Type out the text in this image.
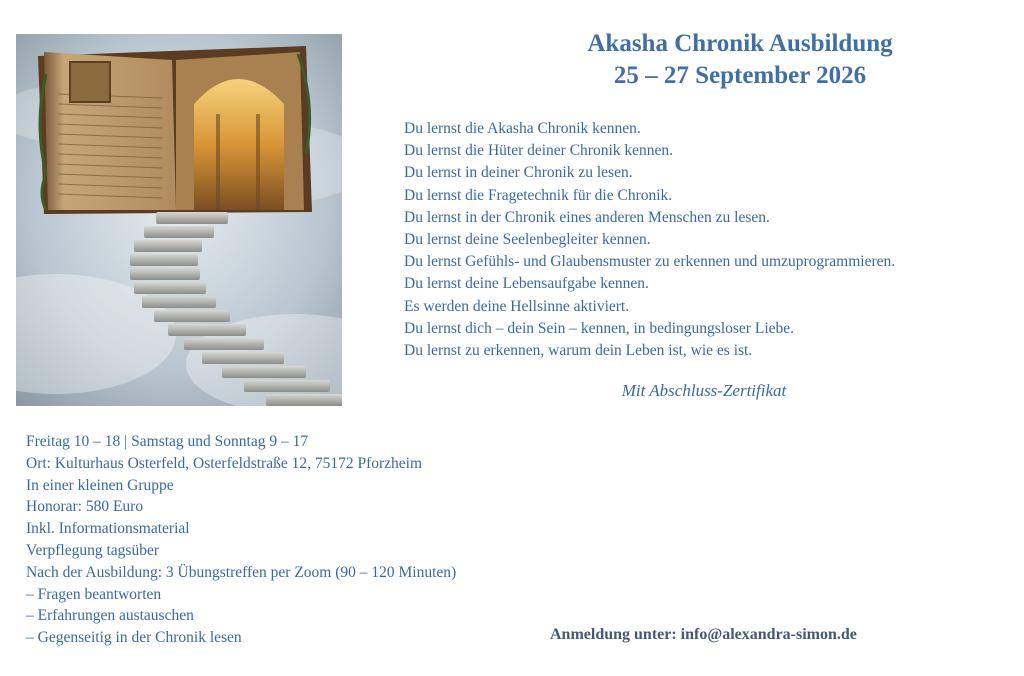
Akasha Chronik Ausbildung
25 – 27 September 2026
Du lernst die Akasha Chronik kennen.
Du lernst die Hüter deiner Chronik kennen.
Du lernst in deiner Chronik zu lesen.
Du lernst die Fragetechnik für die Chronik.
Du lernst in der Chronik eines anderen Menschen zu lesen.
Du lernst deine Seelenbegleiter kennen.
Du lernst Gefühls- und Glaubensmuster zu erkennen und umzuprogrammieren.
Du lernst deine Lebensaufgabe kennen.
Es werden deine Hellsinne aktiviert.
Du lernst dich – dein Sein – kennen, in bedingungsloser Liebe.
Du lernst zu erkennen, warum dein Leben ist, wie es ist.
Mit Abschluss-Zertifikat
Freitag 10 – 18 | Samstag und Sonntag 9 – 17
Ort: Kulturhaus Osterfeld, Osterfeldstraße 12, 75172 Pforzheim
In einer kleinen Gruppe
Honorar: 580 Euro
Inkl. Informationsmaterial
Verpflegung tagsüber
Nach der Ausbildung: 3 Übungstreffen per Zoom (90 – 120 Minuten)
– Fragen beantworten
– Erfahrungen austauschen
– Gegenseitig in der Chronik lesen	Anmeldung unter: info@alexandra-simon.de
